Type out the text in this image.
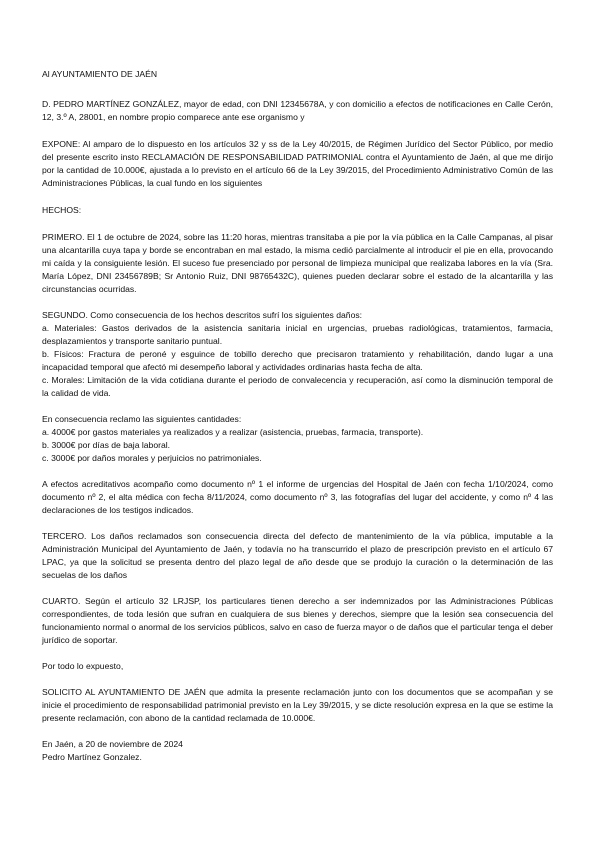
Al AYUNTAMIENTO DE JAÉN

D. PEDRO MARTÍNEZ GONZÁLEZ, mayor de edad, con DNI 12345678A, y con domicilio a efectos de notificaciones en Calle Cerón, 12, 3.º A, 28001, en nombre propio comparece ante ese organismo y

EXPONE: Al amparo de lo dispuesto en los artículos 32 y ss de la Ley 40/2015, de Régimen Jurídico del Sector Público, por medio del presente escrito insto RECLAMACIÓN DE RESPONSABILIDAD PATRIMONIAL contra el Ayuntamiento de Jaén, al que me dirijo por la cantidad de 10.000€, ajustada a lo previsto en el artículo 66 de la Ley 39/2015, del Procedimiento Administrativo Común de las Administraciones Públicas, la cual fundo en los siguientes

HECHOS:

PRIMERO. El 1 de octubre de 2024, sobre las 11:20 horas, mientras transitaba a pie por la vía pública en la Calle Campanas, al pisar una alcantarilla cuya tapa y borde se encontraban en mal estado, la misma cedió parcialmente al introducir el pie en ella, provocando mi caída y la consiguiente lesión. El suceso fue presenciado por personal de limpieza municipal que realizaba labores en la vía (Sra. María López, DNI 23456789B; Sr Antonio Ruiz, DNI 98765432C), quienes pueden declarar sobre el estado de la alcantarilla y las circunstancias ocurridas.

SEGUNDO. Como consecuencia de los hechos descritos sufrí los siguientes daños:

a. Materiales: Gastos derivados de la asistencia sanitaria inicial en urgencias, pruebas radiológicas, tratamientos, farmacia, desplazamientos y transporte sanitario puntual.

b. Físicos: Fractura de peroné y esguince de tobillo derecho que precisaron tratamiento y rehabilitación, dando lugar a una incapacidad temporal que afectó mi desempeño laboral y actividades ordinarias hasta fecha de alta.

c. Morales: Limitación de la vida cotidiana durante el periodo de convalecencia y recuperación, así como la disminución temporal de la calidad de vida.

En consecuencia reclamo las siguientes cantidades:

a. 4000€ por gastos materiales ya realizados y a realizar (asistencia, pruebas, farmacia, transporte).

b. 3000€ por días de baja laboral.

c. 3000€ por daños morales y perjuicios no patrimoniales.

A efectos acreditativos acompaño como documento nº 1 el informe de urgencias del Hospital de Jaén con fecha 1/10/2024, como documento nº 2, el alta médica con fecha 8/11/2024, como documento nº 3, las fotografías del lugar del accidente, y como nº 4 las declaraciones de los testigos indicados.

TERCERO. Los daños reclamados son consecuencia directa del defecto de mantenimiento de la vía pública, imputable a la Administración Municipal del Ayuntamiento de Jaén, y todavía no ha transcurrido el plazo de prescripción previsto en el artículo 67 LPAC, ya que la solicitud se presenta dentro del plazo legal de año desde que se produjo la curación o la determinación de las secuelas de los daños

CUARTO. Según el artículo 32 LRJSP, los particulares tienen derecho a ser indemnizados por las Administraciones Públicas correspondientes, de toda lesión que sufran en cualquiera de sus bienes y derechos, siempre que la lesión sea consecuencia del funcionamiento normal o anormal de los servicios públicos, salvo en caso de fuerza mayor o de daños que el particular tenga el deber jurídico de soportar.

Por todo lo expuesto,

SOLICITO AL AYUNTAMIENTO DE JAÉN que admita la presente reclamación junto con los documentos que se acompañan y se inicie el procedimiento de responsabilidad patrimonial previsto en la Ley 39/2015, y se dicte resolución expresa en la que se estime la presente reclamación, con abono de la cantidad reclamada de 10.000€.

En Jaén, a 20 de noviembre de 2024

Pedro Martínez Gonzalez.
